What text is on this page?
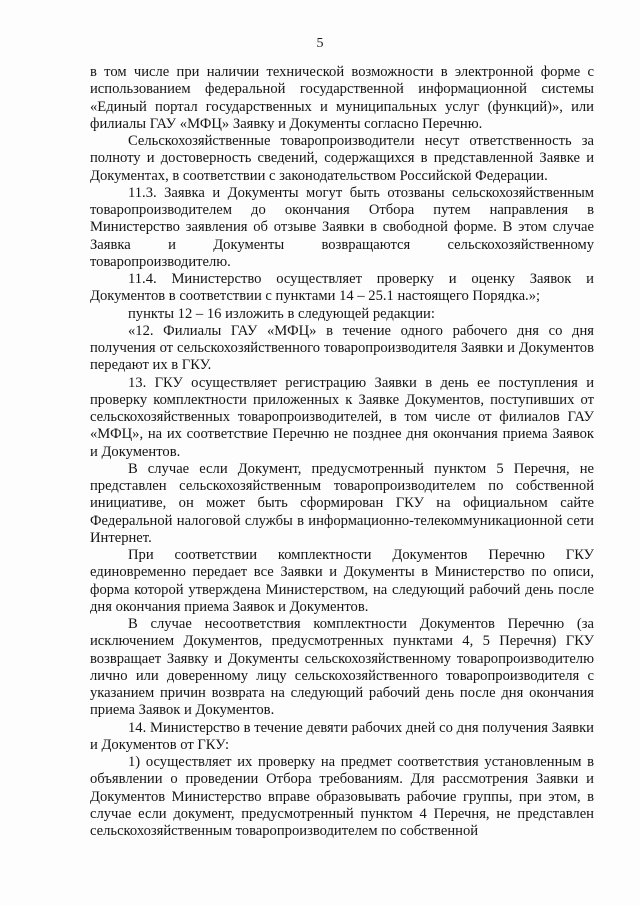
5

в том числе при наличии технической возможности в электронной форме с использованием федеральной государственной информационной системы «Единый портал государственных и муниципальных услуг (функций)», или филиалы ГАУ «МФЦ» Заявку и Документы согласно Перечню.

Сельскохозяйственные товаропроизводители несут ответственность за полноту и достоверность сведений, содержащихся в представленной Заявке и Документах, в соответствии с законодательством Российской Федерации.

11.3. Заявка и Документы могут быть отозваны сельскохозяйственным товаропроизводителем до окончания Отбора путем направления в Министерство заявления об отзыве Заявки в свободной форме. В этом случае Заявка и Документы возвращаются сельскохозяйственному товаропроизводителю.

11.4. Министерство осуществляет проверку и оценку Заявок и Документов в соответствии с пунктами 14 – 25.1 настоящего Порядка.»;

пункты 12 – 16 изложить в следующей редакции:

«12. Филиалы ГАУ «МФЦ» в течение одного рабочего дня со дня получения от сельскохозяйственного товаропроизводителя Заявки и Документов передают их в ГКУ.

13. ГКУ осуществляет регистрацию Заявки в день ее поступления и проверку комплектности приложенных к Заявке Документов, поступивших от сельскохозяйственных товаропроизводителей, в том числе от филиалов ГАУ «МФЦ», на их соответствие Перечню не позднее дня окончания приема Заявок и Документов.

В случае если Документ, предусмотренный пунктом 5 Перечня, не представлен сельскохозяйственным товаропроизводителем по собственной инициативе, он может быть сформирован ГКУ на официальном сайте Федеральной налоговой службы в информационно-телекоммуникационной сети Интернет.

При соответствии комплектности Документов Перечню ГКУ единовременно передает все Заявки и Документы в Министерство по описи, форма которой утверждена Министерством, на следующий рабочий день после дня окончания приема Заявок и Документов.

В случае несоответствия комплектности Документов Перечню (за исключением Документов, предусмотренных пунктами 4, 5 Перечня) ГКУ возвращает Заявку и Документы сельскохозяйственному товаропроизводителю лично или доверенному лицу сельскохозяйственного товаропроизводителя с указанием причин возврата на следующий рабочий день после дня окончания приема Заявок и Документов.

14. Министерство в течение девяти рабочих дней со дня получения Заявки и Документов от ГКУ:

1) осуществляет их проверку на предмет соответствия установленным в объявлении о проведении Отбора требованиям. Для рассмотрения Заявки и Документов Министерство вправе образовывать рабочие группы, при этом, в случае если документ, предусмотренный пунктом 4 Перечня, не представлен сельскохозяйственным товаропроизводителем по собственной
